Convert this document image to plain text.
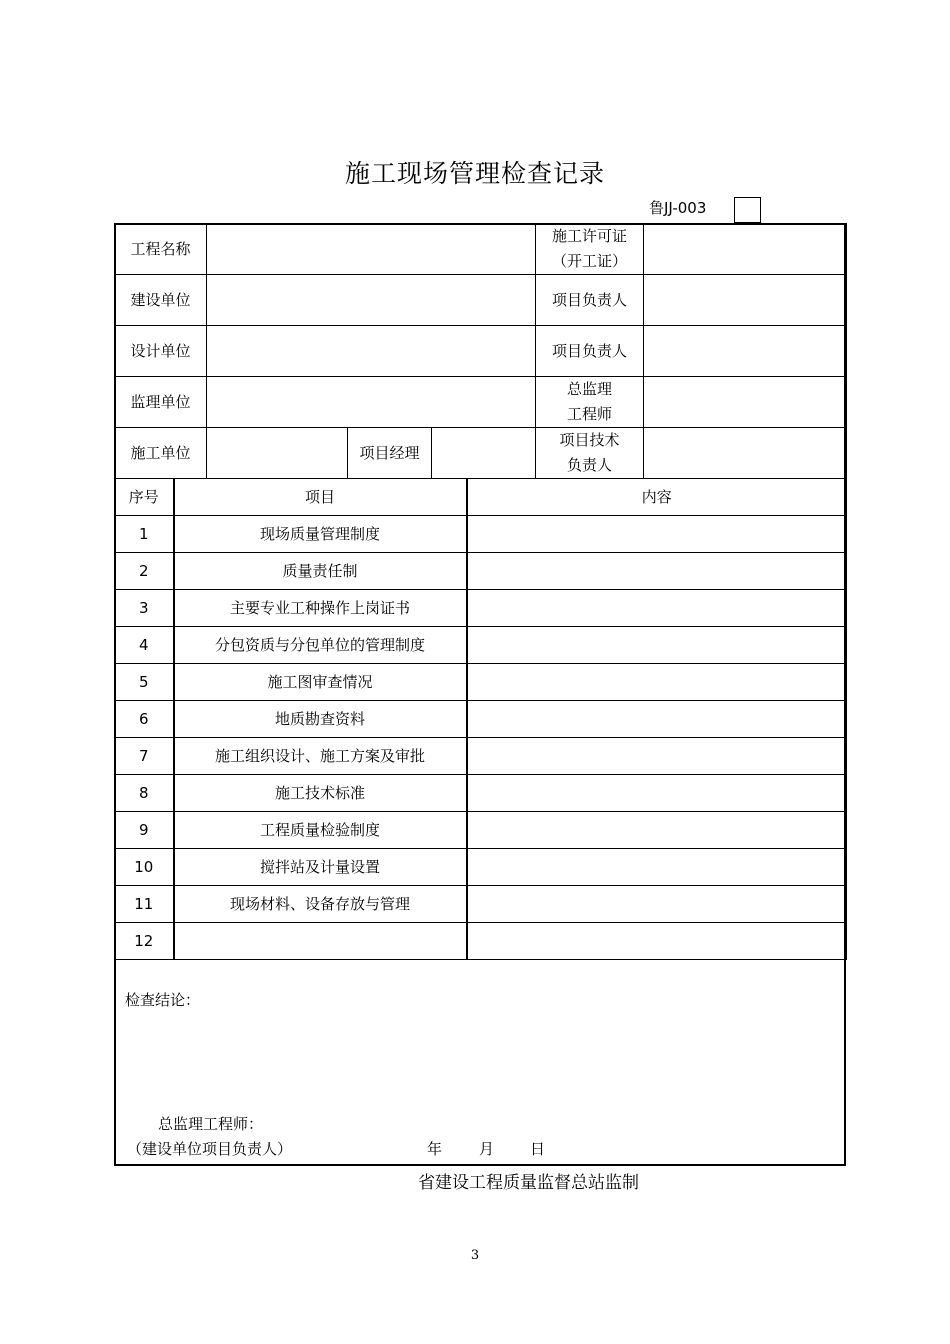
施工现场管理检查记录
鲁JJ-003
工程名称				施工许可证
（开工证）	
建设单位				项目负责人	
设计单位				项目负责人	
监理单位				总监理
工程师	
施工单位		项目经理		项目技术
负责人	
序号	项目	内容
1	现场质量管理制度	
2	质量责任制	
3	主要专业工种操作上岗证书	
4	分包资质与分包单位的管理制度	
5	施工图审查情况	
6	地质勘查资料	
7	施工组织设计、施工方案及审批	
8	施工技术标准	
9	工程质量检验制度	
10	搅拌站及计量设置	
11	现场材料、设备存放与管理	
12		
检查结论：
总监理工程师：
（建设单位项目负责人）	年 月 日
省建设工程质量监督总站监制
3
